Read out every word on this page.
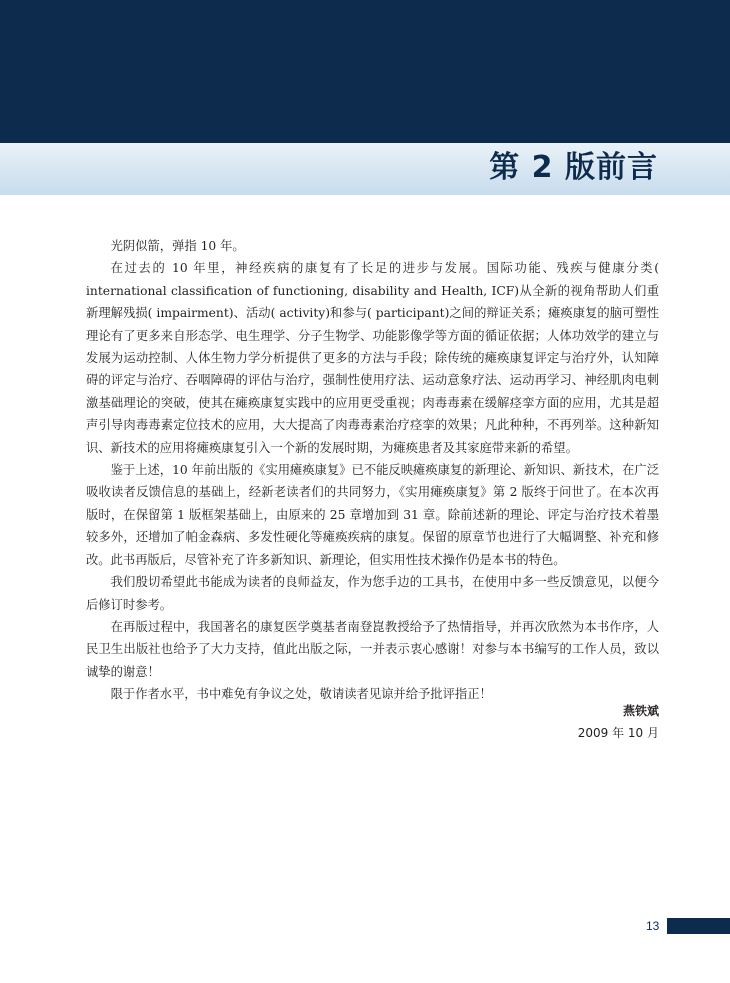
第 2 版前言

光阴似箭，弹指 10 年。

在过去的 10 年里，神经疾病的康复有了长足的进步与发展。国际功能、残疾与健康分类( international classification of functioning, disability and Health, ICF)从全新的视角帮助人们重新理解残损( impairment)、活动( activity)和参与( participant)之间的辩证关系；瘫痪康复的脑可塑性理论有了更多来自形态学、电生理学、分子生物学、功能影像学等方面的循证依据；人体功效学的建立与发展为运动控制、人体生物力学分析提供了更多的方法与手段；除传统的瘫痪康复评定与治疗外，认知障碍的评定与治疗、吞咽障碍的评估与治疗，强制性使用疗法、运动意象疗法、运动再学习、神经肌肉电刺激基础理论的突破，使其在瘫痪康复实践中的应用更受重视；肉毒毒素在缓解痉挛方面的应用，尤其是超声引导肉毒毒素定位技术的应用，大大提高了肉毒毒素治疗痉挛的效果；凡此种种，不再列举。这种新知识、新技术的应用将瘫痪康复引入一个新的发展时期，为瘫痪患者及其家庭带来新的希望。

鉴于上述，10 年前出版的《实用瘫痪康复》已不能反映瘫痪康复的新理论、新知识、新技术，在广泛吸收读者反馈信息的基础上，经新老读者们的共同努力，《实用瘫痪康复》第 2 版终于问世了。在本次再版时，在保留第 1 版框架基础上，由原来的 25 章增加到 31 章。除前述新的理论、评定与治疗技术着墨较多外，还增加了帕金森病、多发性硬化等瘫痪疾病的康复。保留的原章节也进行了大幅调整、补充和修改。此书再版后，尽管补充了许多新知识、新理论，但实用性技术操作仍是本书的特色。

我们殷切希望此书能成为读者的良师益友，作为您手边的工具书，在使用中多一些反馈意见，以便今后修订时参考。

在再版过程中，我国著名的康复医学奠基者南登崑教授给予了热情指导，并再次欣然为本书作序，人民卫生出版社也给予了大力支持，值此出版之际，一并表示衷心感谢！对参与本书编写的工作人员，致以诚挚的谢意！

限于作者水平，书中难免有争议之处，敬请读者见谅并给予批评指正！

燕铁斌
2009 年 10 月
13
